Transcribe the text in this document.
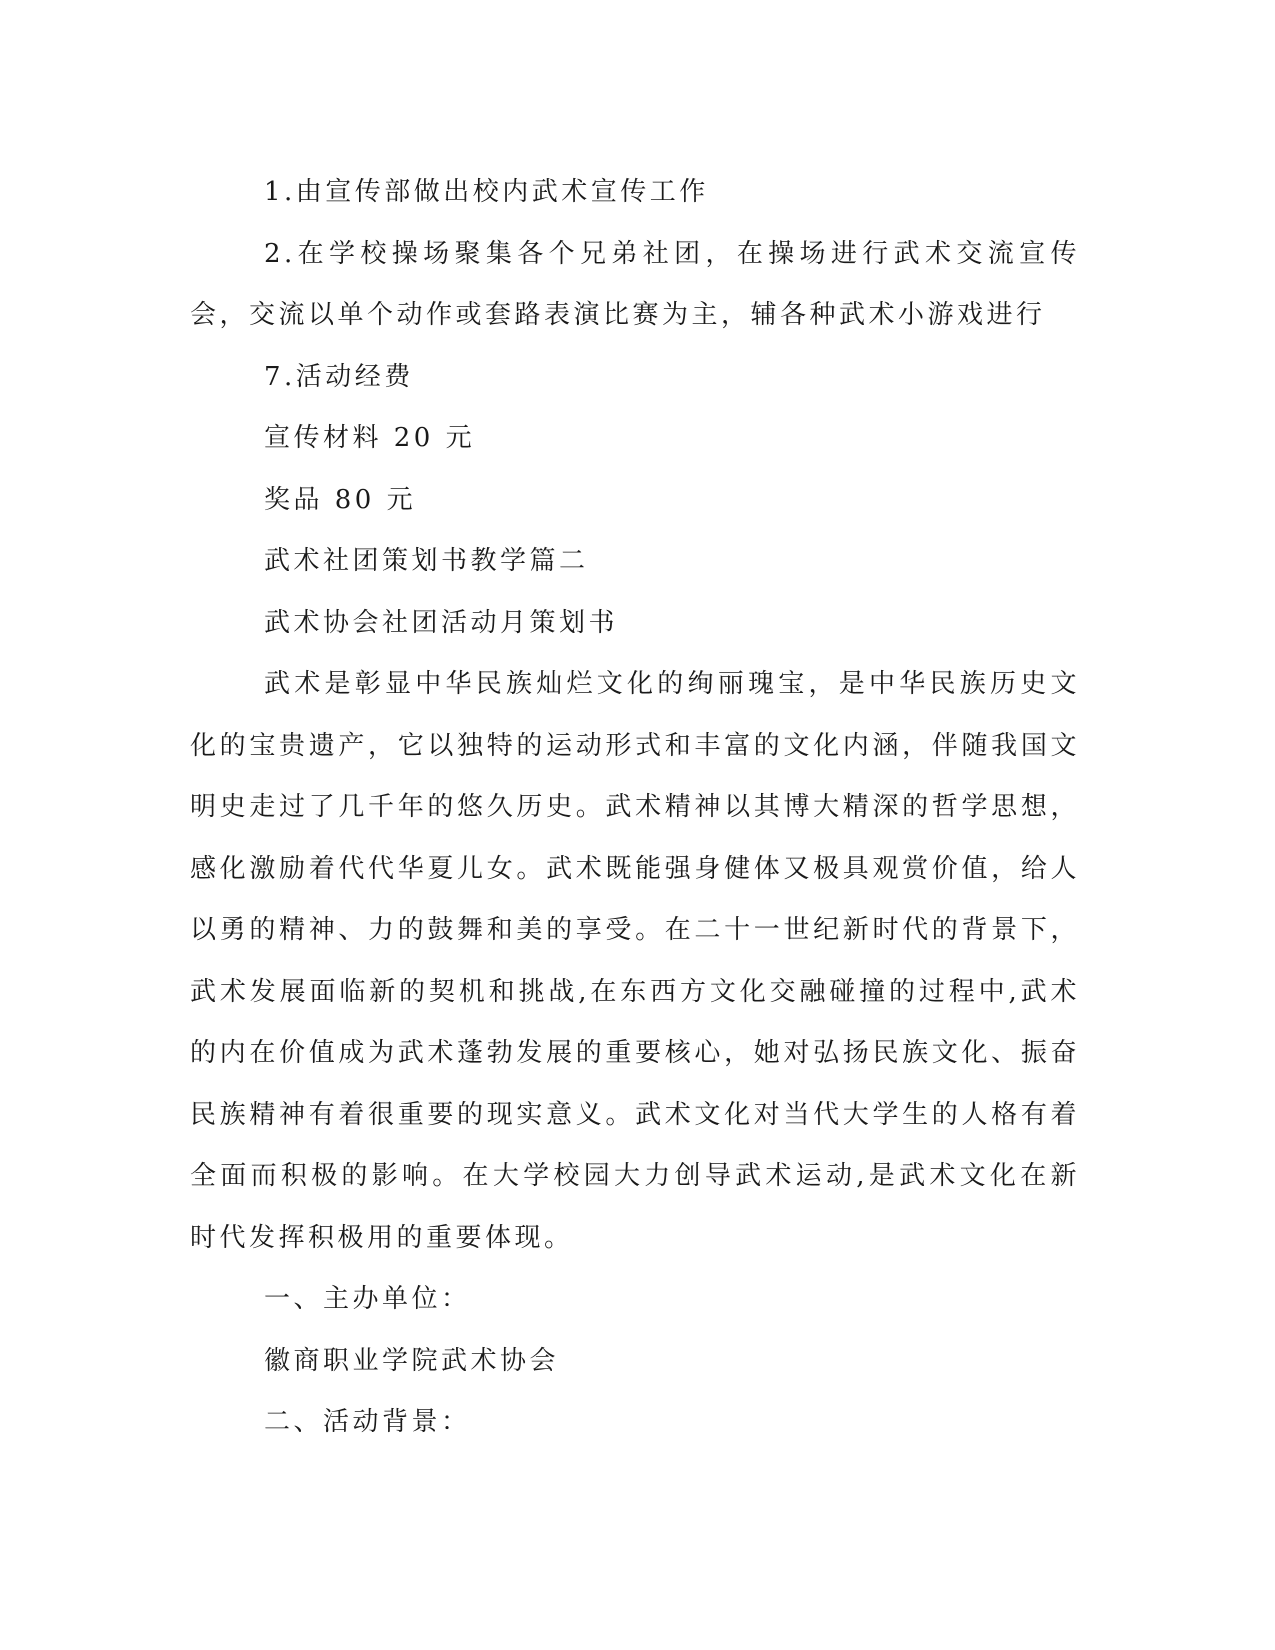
1.由宣传部做出校内武术宣传工作

2.在学校操场聚集各个兄弟社团，在操场进行武术交流宣传会，交流以单个动作或套路表演比赛为主，辅各种武术小游戏进行

7.活动经费

宣传材料 20 元

奖品 80 元

武术社团策划书教学篇二

武术协会社团活动月策划书

武术是彰显中华民族灿烂文化的绚丽瑰宝，是中华民族历史文化的宝贵遗产，它以独特的运动形式和丰富的文化内涵，伴随我国文明史走过了几千年的悠久历史。武术精神以其博大精深的哲学思想，感化激励着代代华夏儿女。武术既能强身健体又极具观赏价值，给人以勇的精神、力的鼓舞和美的享受。在二十一世纪新时代的背景下，武术发展面临新的契机和挑战,在东西方文化交融碰撞的过程中,武术的内在价值成为武术蓬勃发展的重要核心，她对弘扬民族文化、振奋民族精神有着很重要的现实意义。武术文化对当代大学生的人格有着全面而积极的影响。在大学校园大力创导武术运动,是武术文化在新时代发挥积极用的重要体现。

一、主办单位：

徽商职业学院武术协会

二、活动背景：
